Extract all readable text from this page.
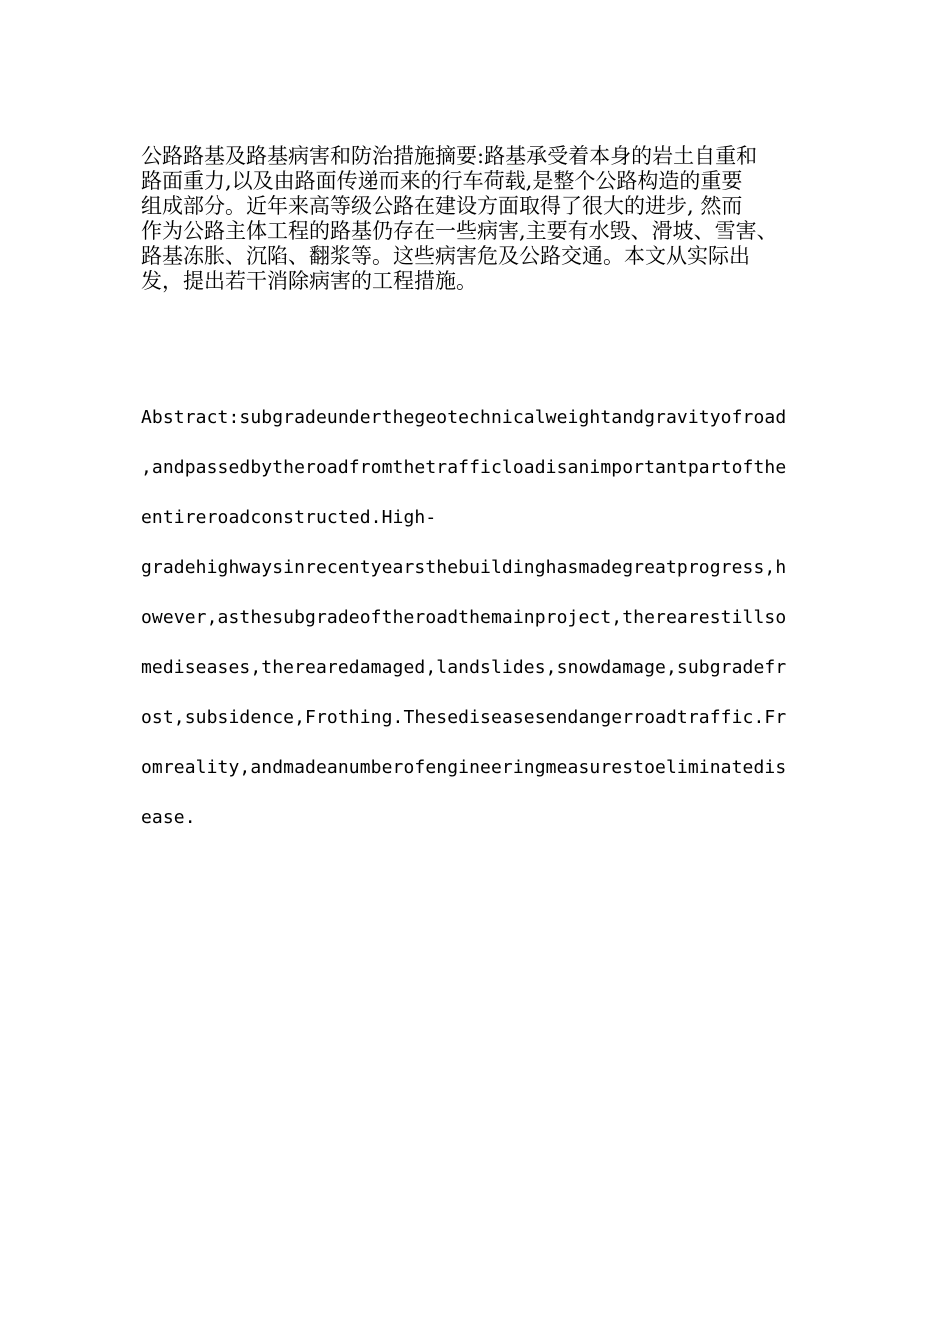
公路路基及路基病害和防治措施摘要:路基承受着本身的岩土自重和
路面重力,以及由路面传递而来的行车荷载,是整个公路构造的重要
组成部分。近年来高等级公路在建设方面取得了很大的进步, 然而
作为公路主体工程的路基仍存在一些病害,主要有水毁、滑坡、雪害、
路基冻胀、沉陷、翻浆等。这些病害危及公路交通。本文从实际出
发，提出若干消除病害的工程措施。

Abstract:subgradeunderthegeotechnicalweightandgravityofroad
,andpassedbytheroadfromthetrafficloadisanimportantpartofthe
entireroadconstructed.High-
gradehighwaysinrecentyearsthebuildinghasmadegreatprogress,h
owever,asthesubgradeoftheroadthemainproject,therearestillso
mediseases,therearedamaged,landslides,snowdamage,subgradefr
ost,subsidence,Frothing.Thesediseasesendangerroadtraffic.Fr
omreality,andmadeanumberofengineeringmeasurestoeliminatedis
ease.
